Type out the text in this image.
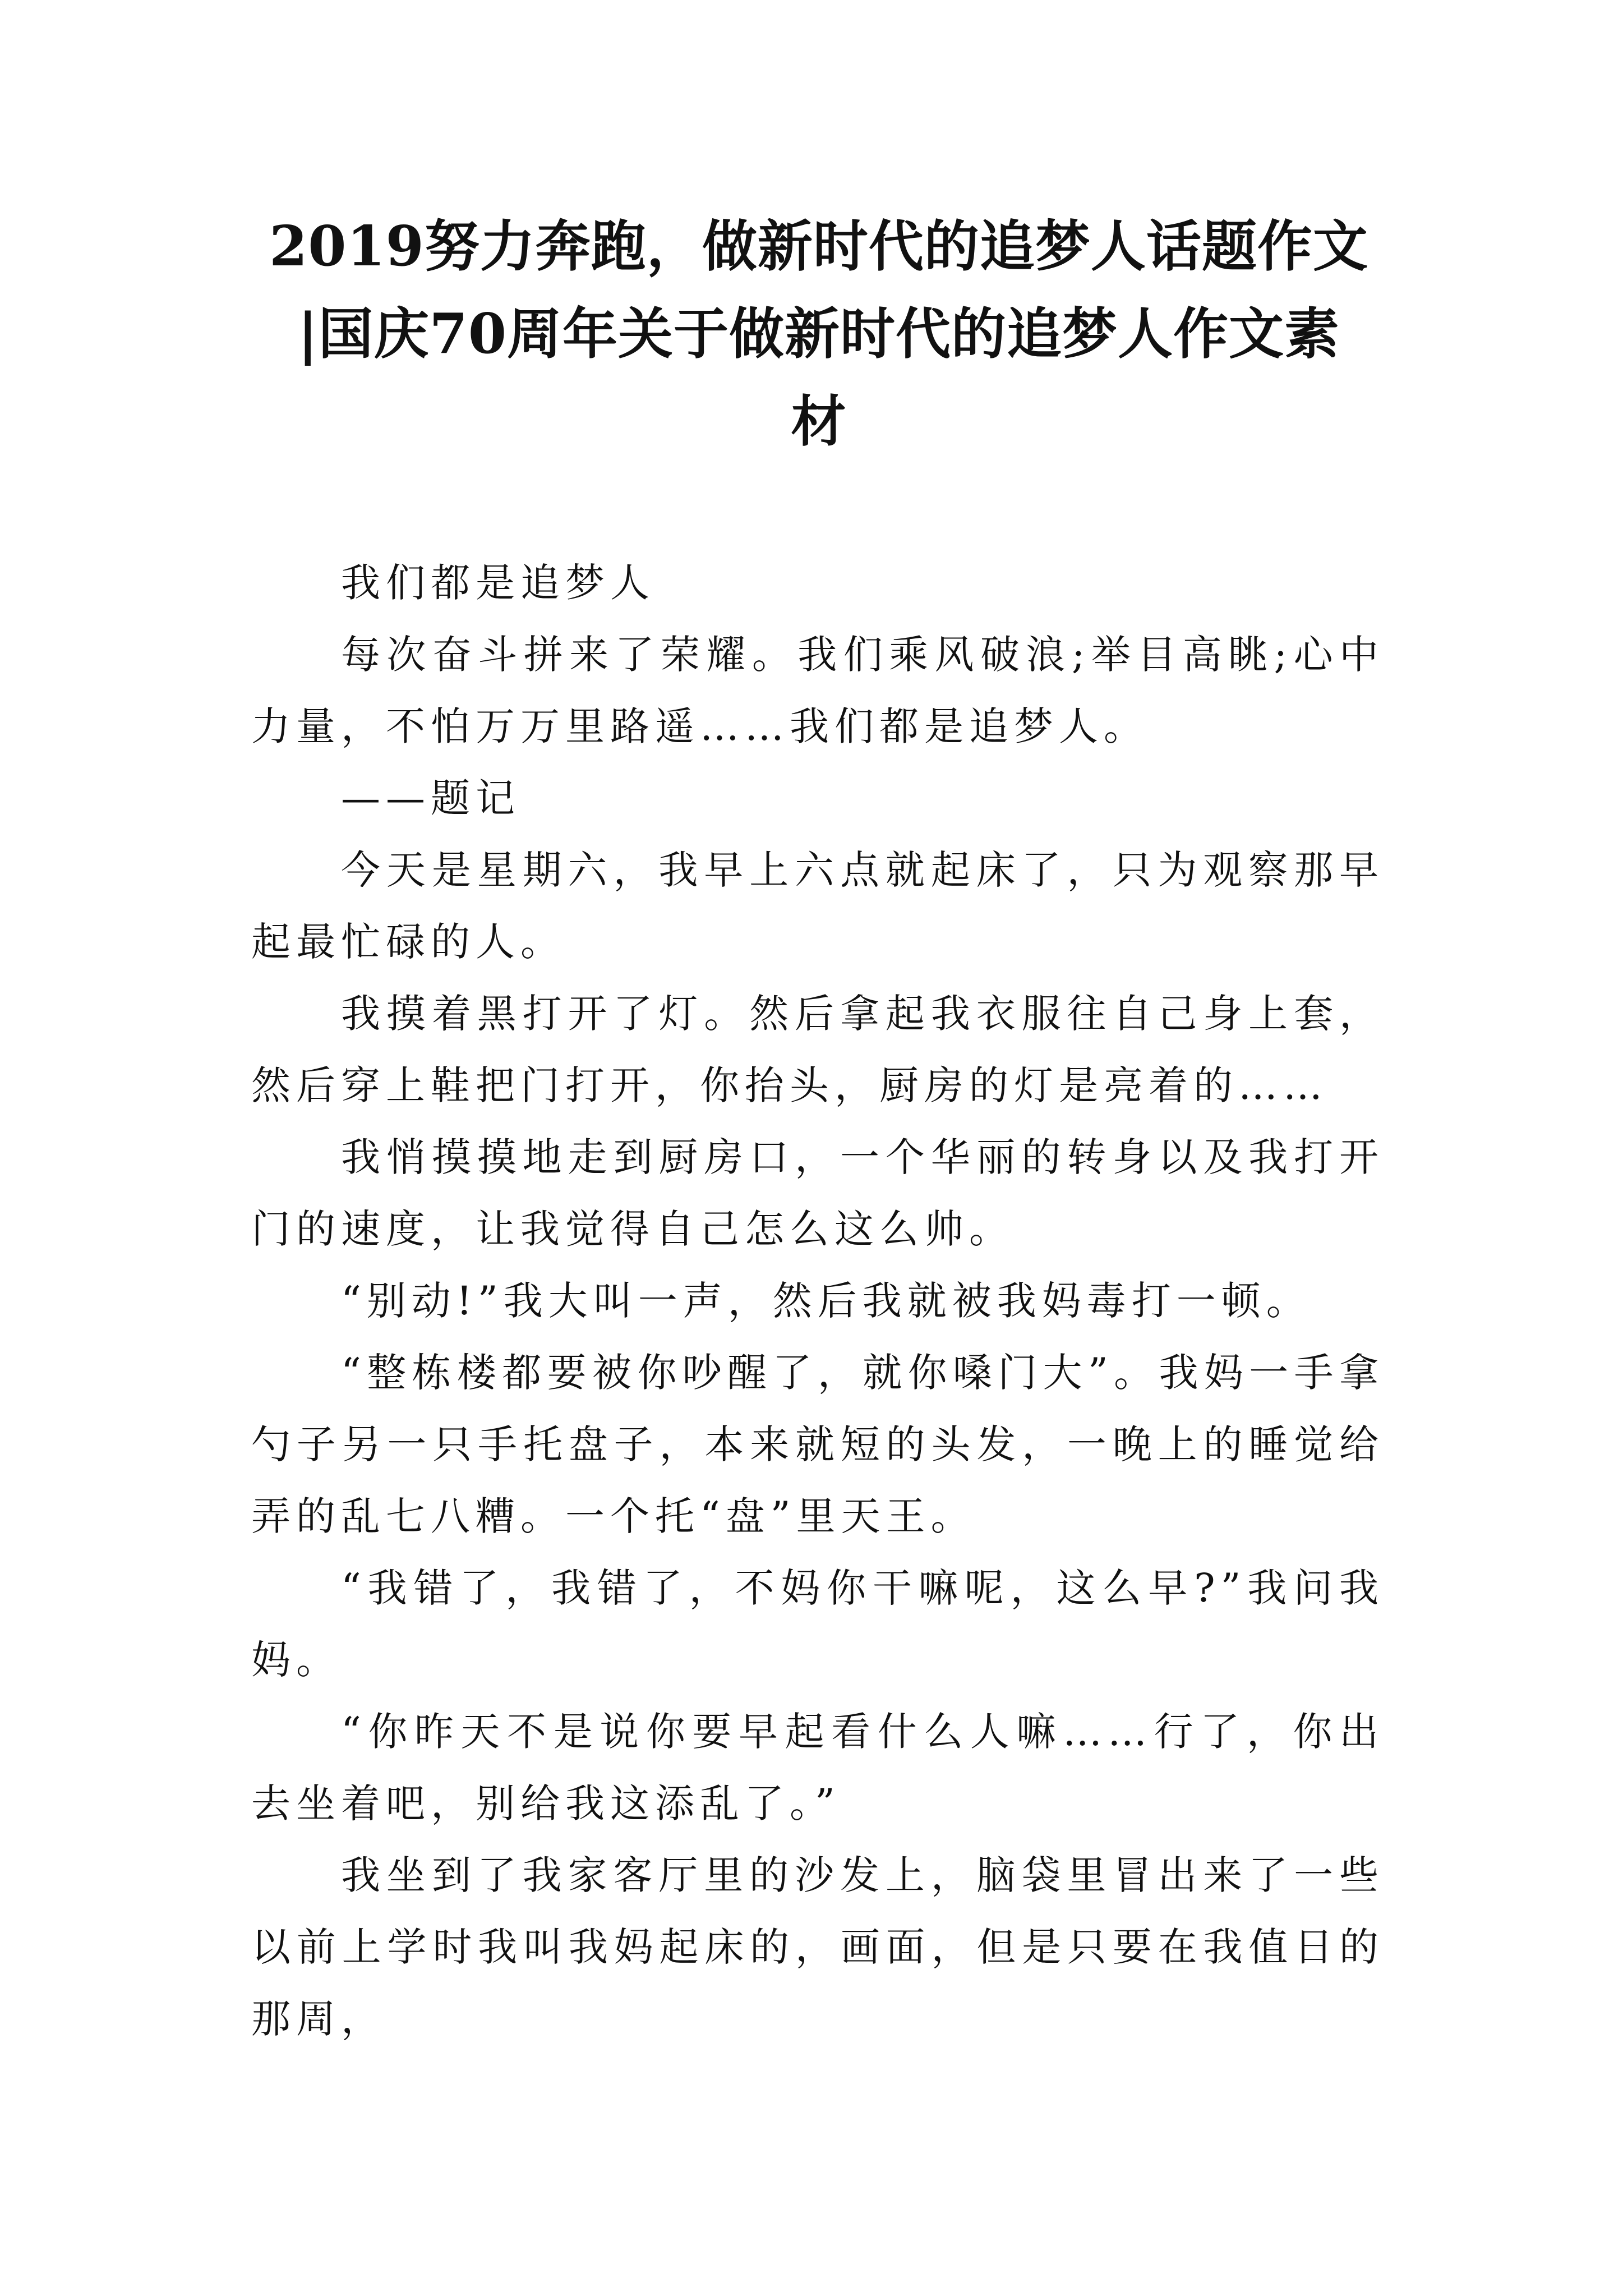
2019努力奔跑，做新时代的追梦人话题作文
|国庆70周年关于做新时代的追梦人作文素
材

我们都是追梦人

每次奋斗拼来了荣耀。我们乘风破浪;举目高眺;心中力量，不怕万万里路遥……我们都是追梦人。

——题记

今天是星期六，我早上六点就起床了，只为观察那早起最忙碌的人。

我摸着黑打开了灯。然后拿起我衣服往自己身上套，然后穿上鞋把门打开，你抬头，厨房的灯是亮着的……

我悄摸摸地走到厨房口，一个华丽的转身以及我打开门的速度，让我觉得自己怎么这么帅。

“别动!”我大叫一声，然后我就被我妈毒打一顿。

“整栋楼都要被你吵醒了，就你嗓门大”。我妈一手拿勺子另一只手托盘子，本来就短的头发，一晚上的睡觉给弄的乱七八糟。一个托“盘”里天王。

“我错了，我错了，不妈你干嘛呢，这么早?”我问我妈。

“你昨天不是说你要早起看什么人嘛……行了，你出去坐着吧，别给我这添乱了。”

我坐到了我家客厅里的沙发上，脑袋里冒出来了一些以前上学时我叫我妈起床的，画面，但是只要在我值日的那周，
